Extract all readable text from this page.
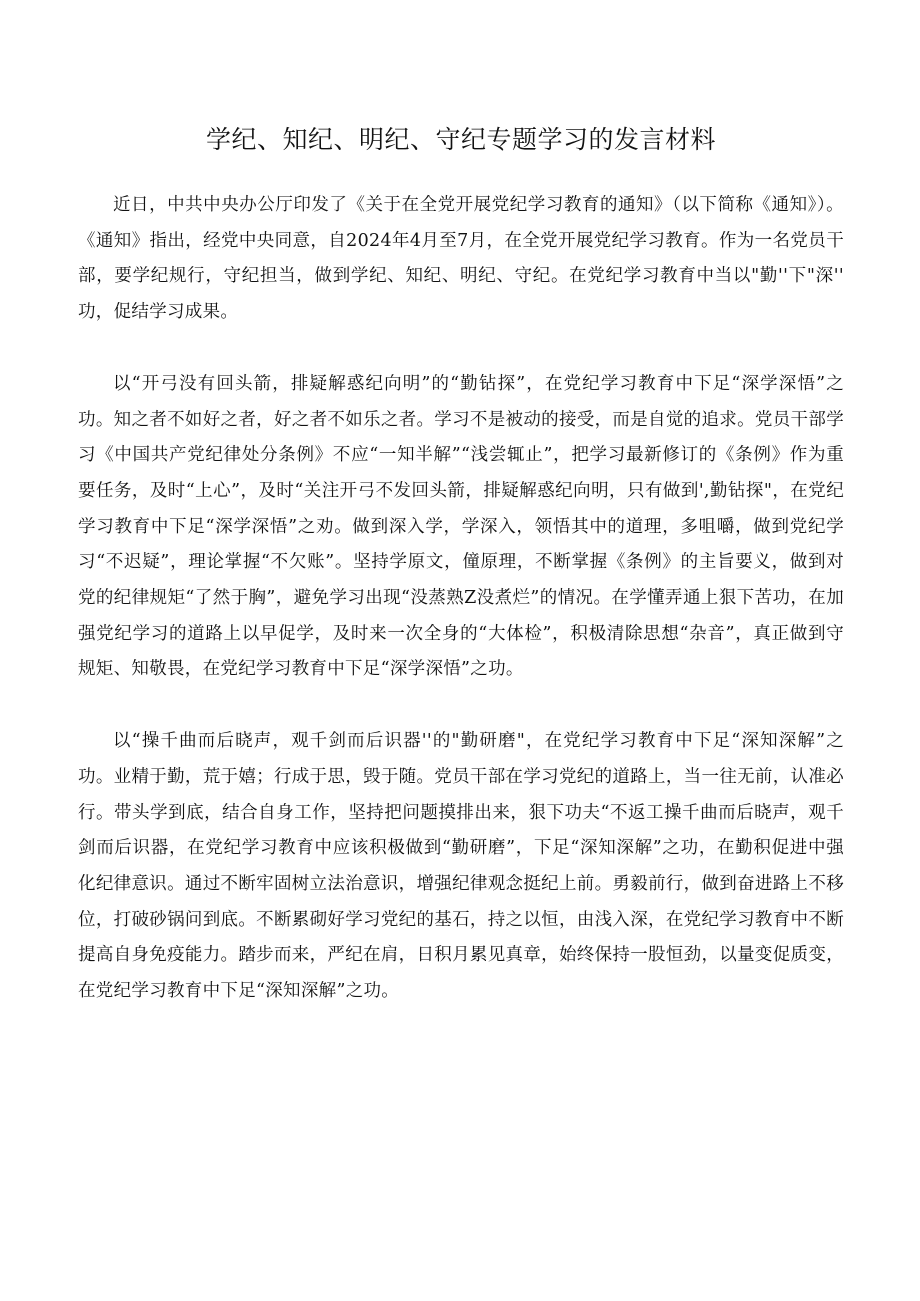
学纪、知纪、明纪、守纪专题学习的发言材料

近日，中共中央办公厅印发了《关于在全党开展党纪学习教育的通知》（以下简称《通知》）。《通知》指出，经党中央同意，自2024年4月至7月，在全党开展党纪学习教育。作为一名党员干部，要学纪规行，守纪担当，做到学纪、知纪、明纪、守纪。在党纪学习教育中当以"勤''下"深'' 功，促结学习成果。

以“开弓没有回头箭，排疑解惑纪向明”的“勤钻探”，在党纪学习教育中下足“深学深悟”之功。知之者不如好之者，好之者不如乐之者。学习不是被动的接受，而是自觉的追求。党员干部学习《中国共产党纪律处分条例》不应“一知半解”“浅尝辄止”，把学习最新修订的《条例》作为重要任务，及时“上心”，及时“关注开弓不发回头箭，排疑解惑纪向明，只有做到',勤钻探"，在党纪学习教育中下足“深学深悟”之劝。做到深入学，学深入，领悟其中的道理，多咀嚼，做到党纪学习“不迟疑”，理论掌握“不欠账”。坚持学原文，僮原理，不断掌握《条例》的主旨要义，做到对党的纪律规矩“了然于胸”，避免学习出现“没蒸熟Z没煮烂”的情况。在学懂弄通上狠下苦功，在加强党纪学习的道路上以早促学，及时来一次全身的“大体检”，积极清除思想“杂音”，真正做到守规矩、知敬畏，在党纪学习教育中下足“深学深悟”之功。

以“操千曲而后晓声，观千剑而后识器''的"勤研磨"，在党纪学习教育中下足“深知深解”之功。业精于勤，荒于嬉；行成于思，毁于随。党员干部在学习党纪的道路上，当一往无前，认准必行。带头学到底，结合自身工作，坚持把问题摸排出来，狠下功夫“不返工操千曲而后晓声，观千剑而后识器，在党纪学习教育中应该积极做到“勤研磨”，下足“深知深解”之功，在勤积促进中强化纪律意识。通过不断牢固树立法治意识，增强纪律观念挺纪上前。勇毅前行，做到奋进路上不移位，打破砂锅问到底。不断累砌好学习党纪的基石，持之以恒，由浅入深，在党纪学习教育中不断提高自身免疫能力。踏步而来，严纪在肩，日积月累见真章，始终保持一股恒劲，以量变促质变，在党纪学习教育中下足“深知深解”之功。
